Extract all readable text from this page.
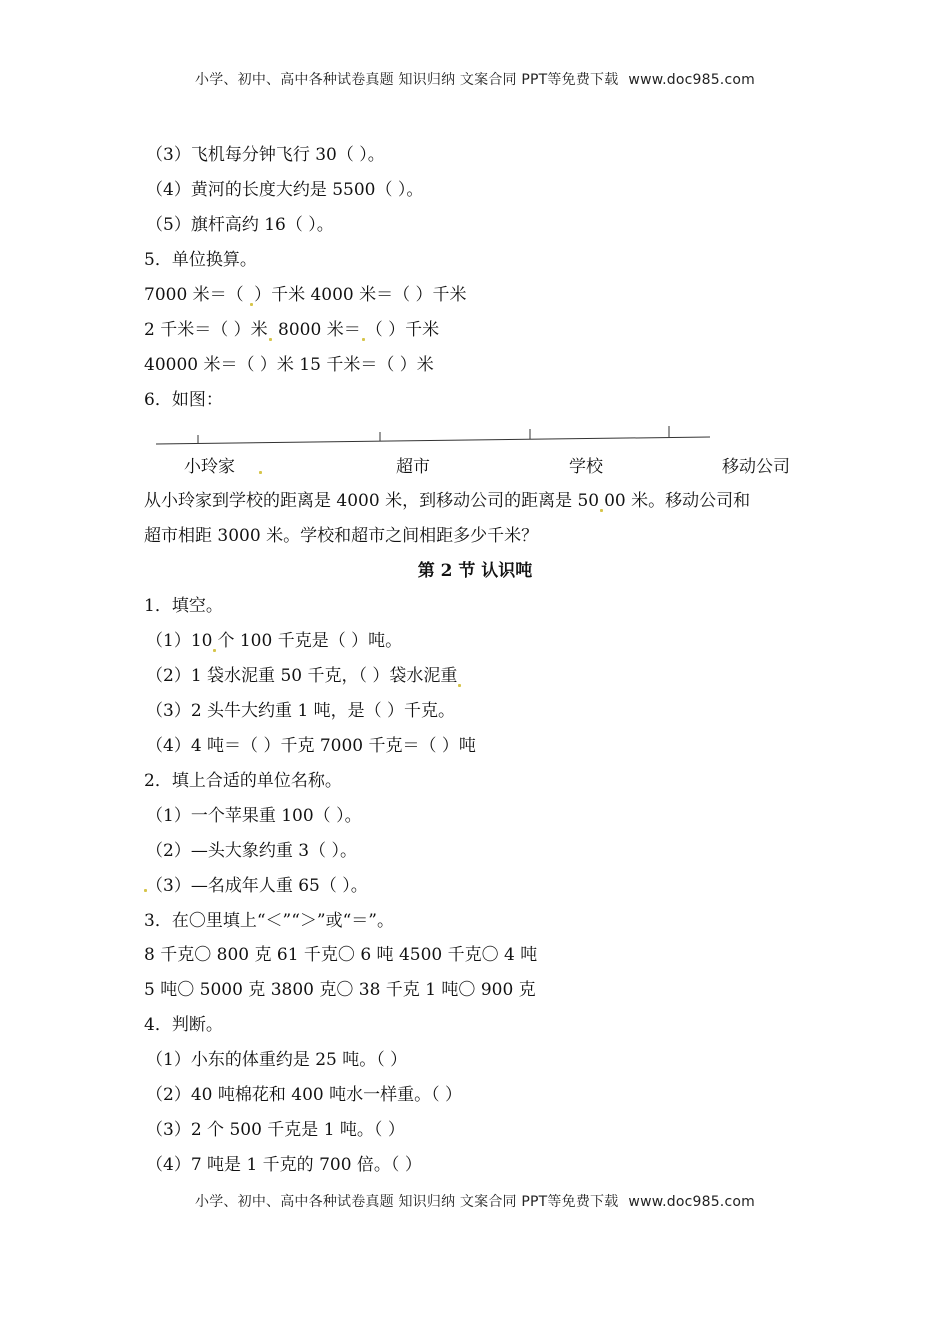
小学、初中、高中各种试卷真题 知识归纳 文案合同 PPT等免费下载 www.doc985.com
（3）飞机每分钟飞行 30（ ）。
（4）黄河的长度大约是 5500（ ）。
（5）旗杆高约 16（ ）。
5．单位换算。
7000 米＝（ ）千米 4000 米＝（ ）千米
2 千米＝（ ）米 8000 米＝ （ ）千米
40000 米＝（ ）米 15 千米＝（ ）米
6．如图：
小玲家	超市	学校	移动公司
从小玲家到学校的距离是 4000 米，到移动公司的距离是 50 00 米。移动公司和
超市相距 3000 米。学校和超市之间相距多少千米？
第 2 节 认识吨
1．填空。
（1）10 个 100 千克是（ ）吨。
（2）1 袋水泥重 50 千克，（ ）袋水泥重
（3）2 头牛大约重 1 吨，是（ ）千克。
（4）4 吨＝（ ）千克 7000 千克＝（ ）吨
2．填上合适的单位名称。
（1）一个苹果重 100（ ）。
（2）—头大象约重 3（ ）。
（3）—名成年人重 65（ ）。
3．在〇里填上“＜”“＞”或“＝”。
8 千克〇 800 克 61 千克〇 6 吨 4500 千克〇 4 吨
5 吨〇 5000 克 3800 克〇 38 千克 1 吨〇 900 克
4．判断。
（1）小东的体重约是 25 吨。（ ）
（2）40 吨棉花和 400 吨水一样重。（ ）
（3）2 个 500 千克是 1 吨。（ ）
（4）7 吨是 1 千克的 700 倍。（ ）
小学、初中、高中各种试卷真题 知识归纳 文案合同 PPT等免费下载 www.doc985.com
